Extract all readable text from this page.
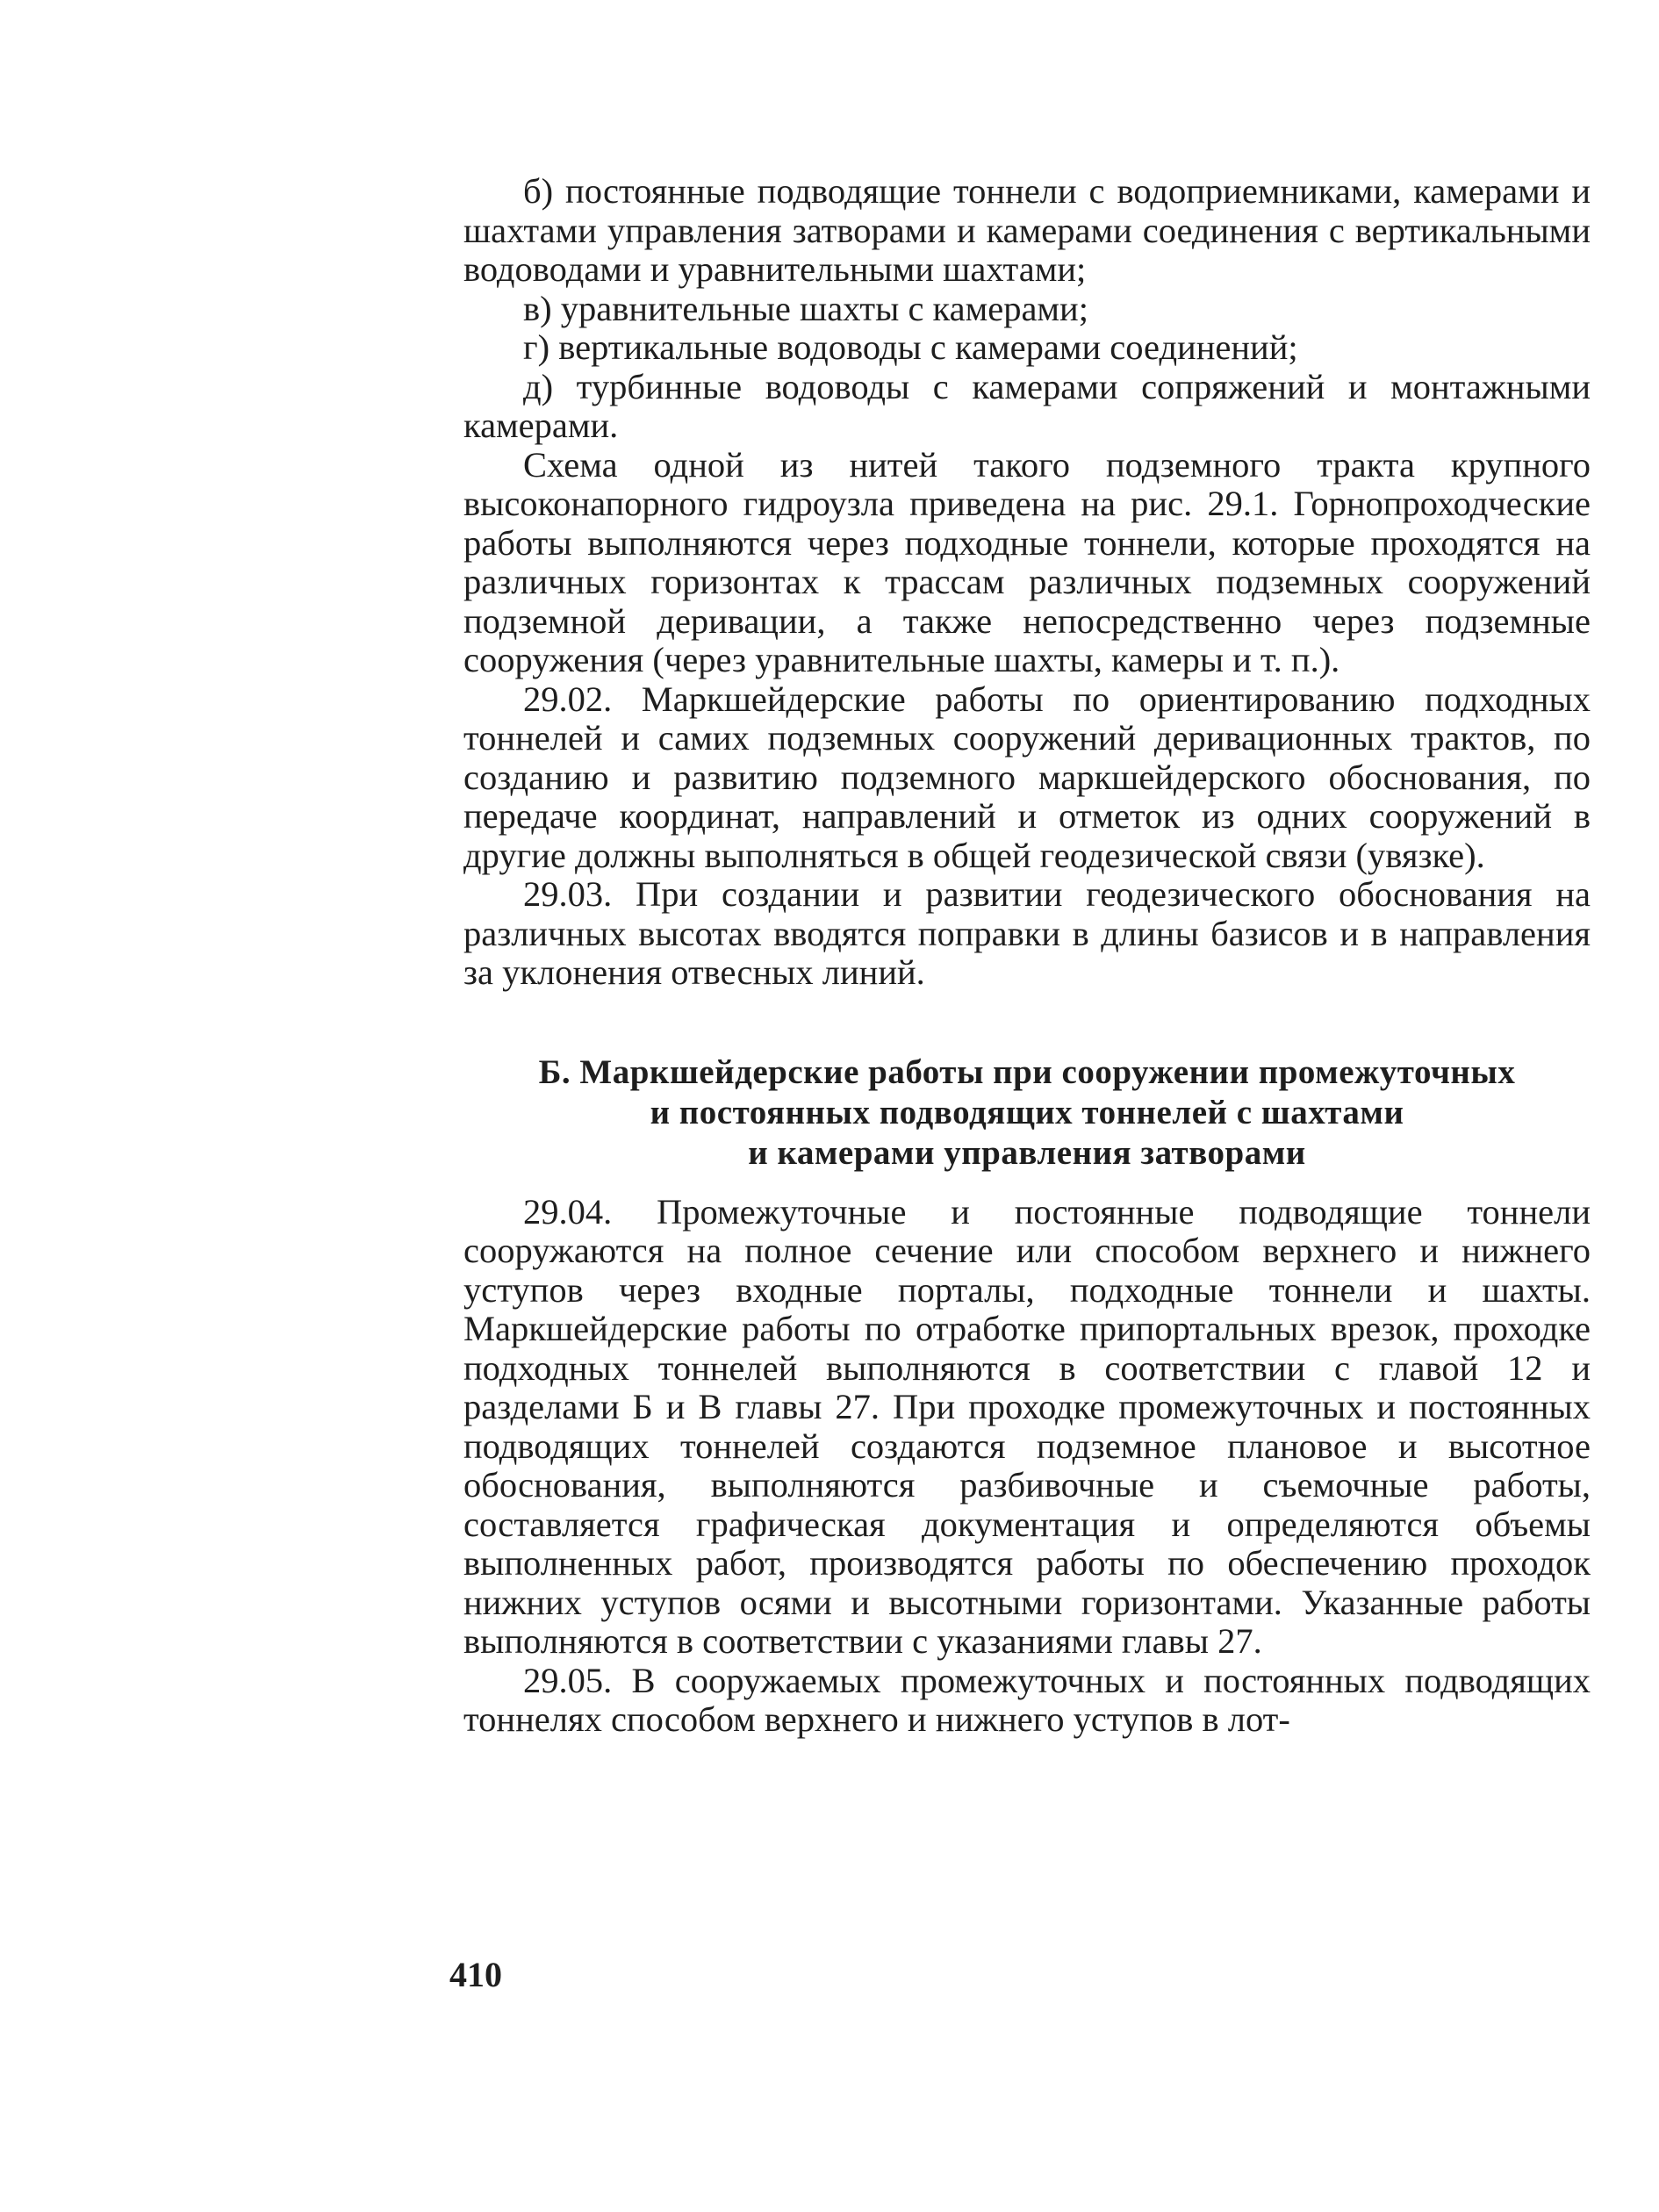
б) постоянные подводящие тоннели с водоприемниками, камерами и шахтами управления затворами и камерами соединения с вертикальными водоводами и уравнительными шахтами;

в) уравнительные шахты с камерами;

г) вертикальные водоводы с камерами соединений;

д) турбинные водоводы с камерами сопряжений и монтажными камерами.

Схема одной из нитей такого подземного тракта крупного высоконапорного гидроузла приведена на рис. 29.1. Горнопроходческие работы выполняются через подходные тоннели, которые проходятся на различных горизонтах к трассам различных подземных сооружений подземной деривации, а также непосредственно через подземные сооружения (через уравнительные шахты, камеры и т. п.).

29.02. Маркшейдерские работы по ориентированию подходных тоннелей и самих подземных сооружений деривационных трактов, по созданию и развитию подземного маркшейдерского обоснования, по передаче координат, направлений и отметок из одних сооружений в другие должны выполняться в общей геодезической связи (увязке).

29.03. При создании и развитии геодезического обоснования на различных высотах вводятся поправки в длины базисов и в направления за уклонения отвесных линий.

Б. Маркшейдерские работы при сооружении промежуточных
и постоянных подводящих тоннелей с шахтами
и камерами управления затворами

29.04. Промежуточные и постоянные подводящие тоннели сооружаются на полное сечение или способом верхнего и нижнего уступов через входные порталы, подходные тоннели и шахты. Маркшейдерские работы по отработке припортальных врезок, проходке подходных тоннелей выполняются в соответствии с главой 12 и разделами Б и В главы 27. При проходке промежуточных и постоянных подводящих тоннелей создаются подземное плановое и высотное обоснования, выполняются разбивочные и съемочные работы, составляется графическая документация и определяются объемы выполненных работ, производятся работы по обеспечению проходок нижних уступов осями и высотными горизонтами. Указанные работы выполняются в соответствии с указаниями главы 27.

29.05. В сооружаемых промежуточных и постоянных подводящих тоннелях способом верхнего и нижнего уступов в лот-

410
